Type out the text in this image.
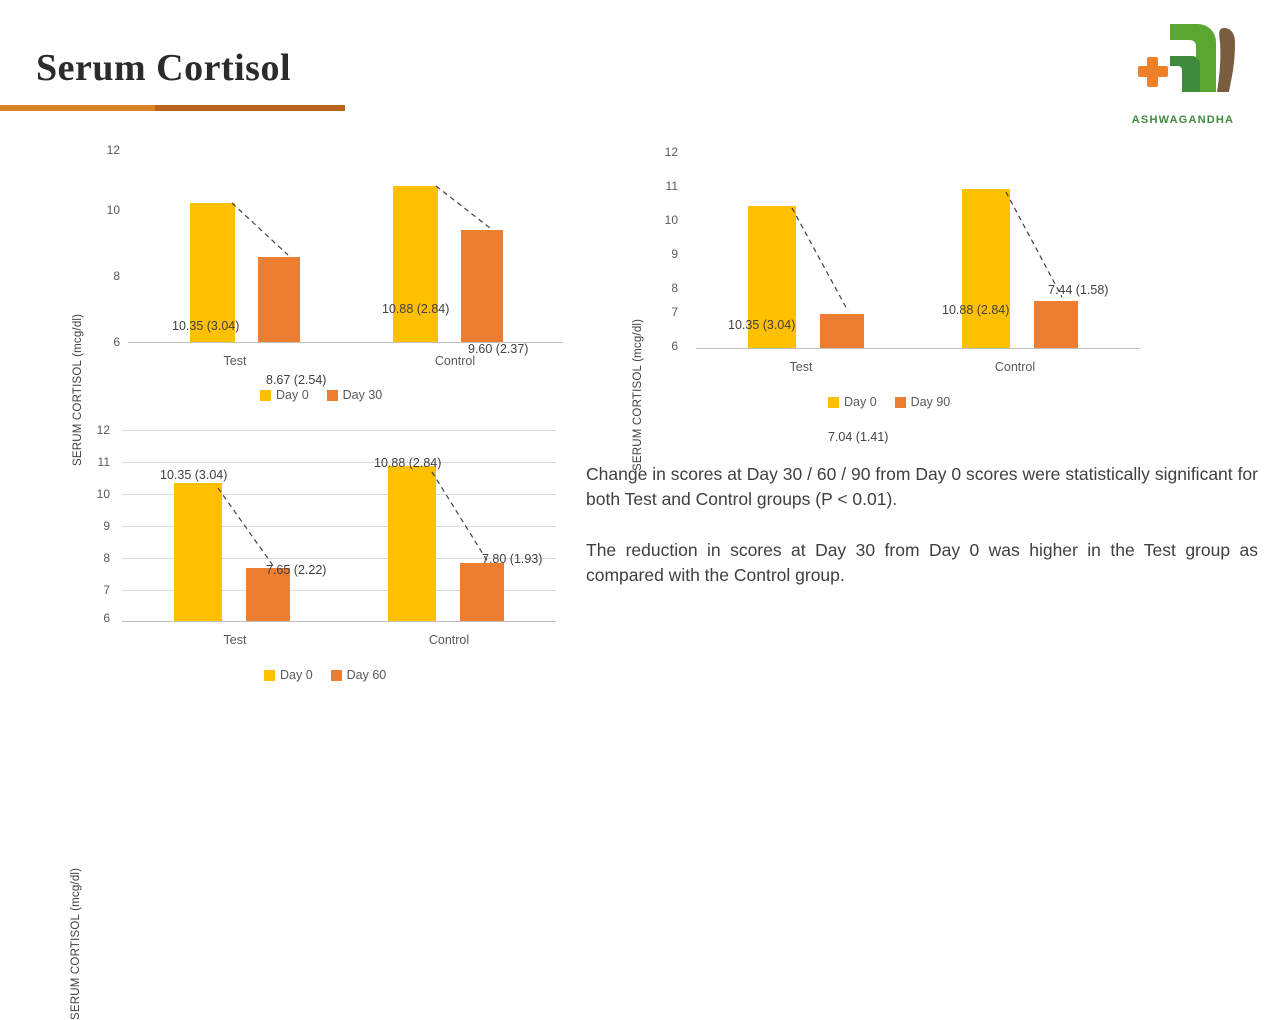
Serum Cortisol
ASHWAGANDHA
SERUM CORTISOL (mcg/dl)
12
10
8
6
10.35 (3.04)
8.67 (2.54)
10.88 (2.84)
9.60 (2.37)
Test	Control
Day 0	Day 30	SERUM CORTISOL (mcg/dl)
12
11
10
9
8
7
6
10.35 (3.04)
7.04 (1.41)
10.88 (2.84)
7.44 (1.58)
Test	Control
Day 0	Day 90
SERUM CORTISOL (mcg/dl)
12
11
10
9
8
7
6
10.35 (3.04)
7.65 (2.22)
10.88 (2.84)
7.80 (1.93)
Test	Control
Day 0	Day 60
Change in scores at Day 30 / 60 / 90 from Day 0 scores were statistically significant for both Test and Control groups (P < 0.01).
The reduction in scores at Day 30 from Day 0 was higher in the Test group as compared with the Control group.
